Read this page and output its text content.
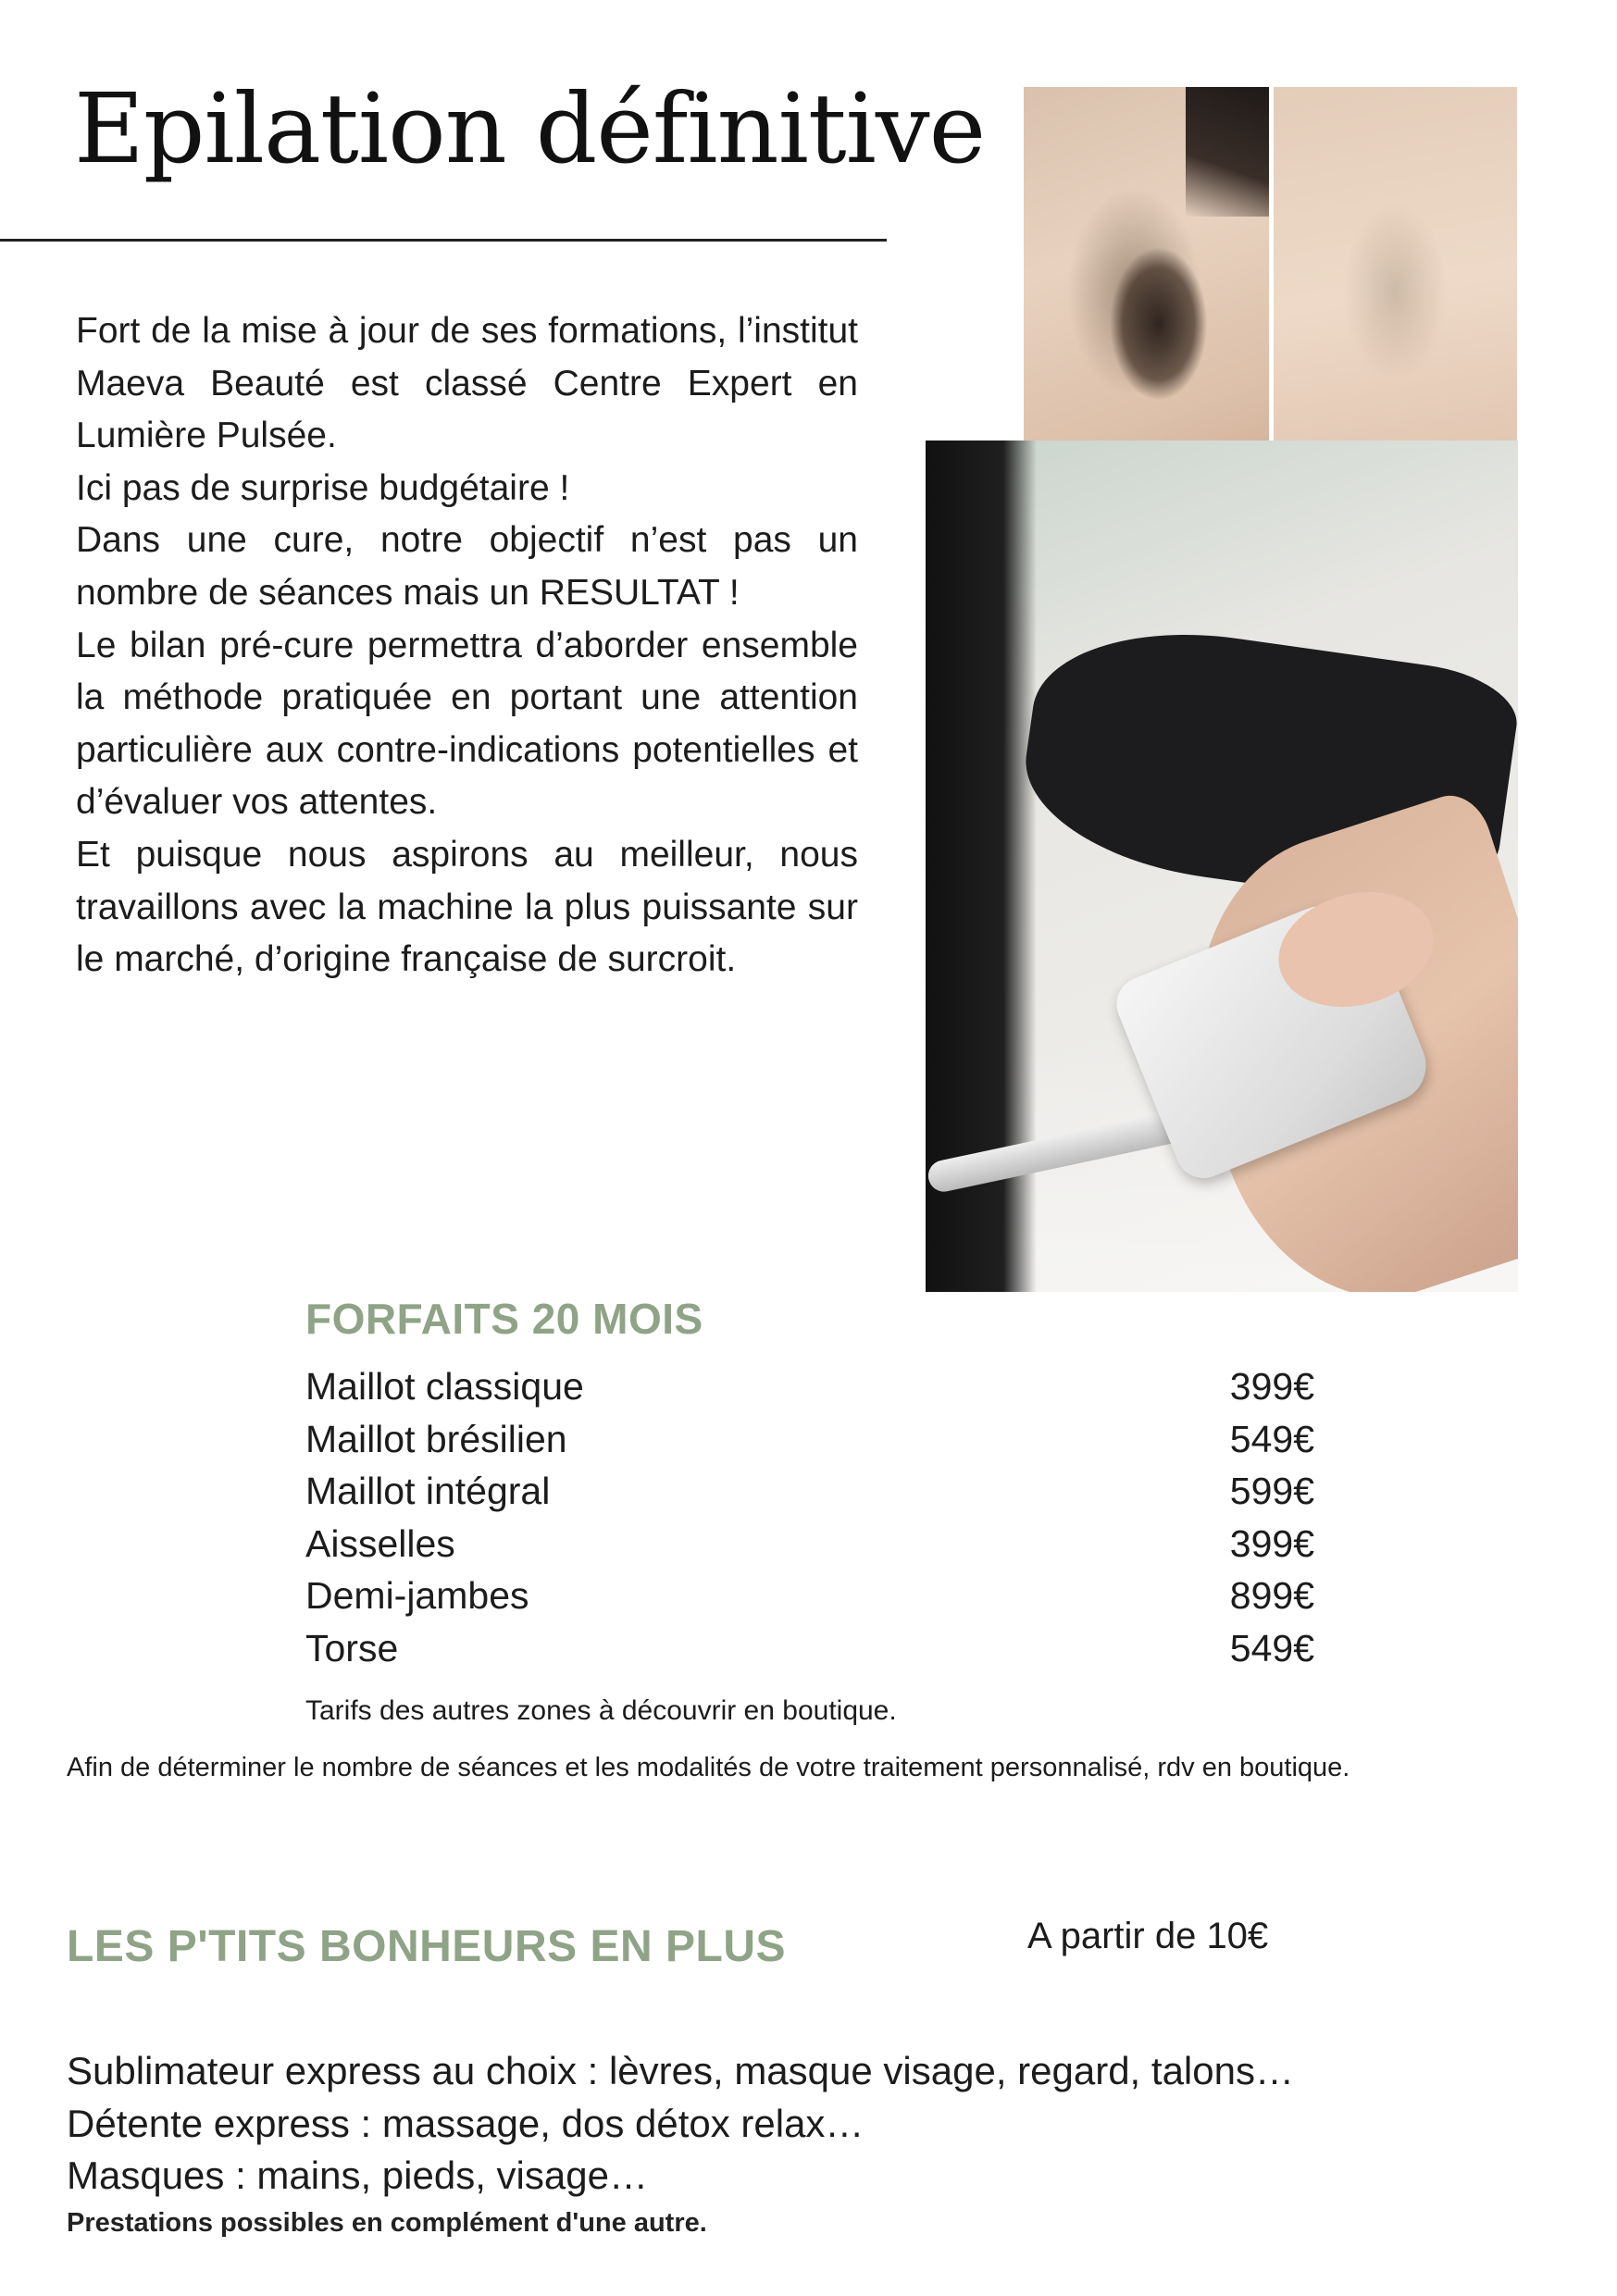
Epilation définitive

Fort de la mise à jour de ses formations, l’institut Maeva Beauté est classé Centre Expert en Lumière Pulsée.

Ici pas de surprise budgétaire !

Dans une cure, notre objectif n’est pas un nombre de séances mais un RESULTAT !

Le bilan pré-cure permettra d’aborder ensemble la méthode pratiquée en portant une attention particulière aux contre-indications potentielles et d’évaluer vos attentes.

Et puisque nous aspirons au meilleur, nous travaillons avec la machine la plus puissante sur le marché, d’origine française de surcroit.

FORFAITS 20 MOIS
Maillot classique	399€
Maillot brésilien	549€
Maillot intégral	599€
Aisselles	399€
Demi-jambes	899€
Torse	549€
Tarifs des autres zones à découvrir en boutique.
Afin de déterminer le nombre de séances et les modalités de votre traitement personnalisé, rdv en boutique.
LES P'TITS BONHEURS EN PLUS	A partir de 10€
Sublimateur express au choix : lèvres, masque visage, regard, talons…
Détente express : massage, dos détox relax…
Masques : mains, pieds, visage…
Prestations possibles en complément d'une autre.
